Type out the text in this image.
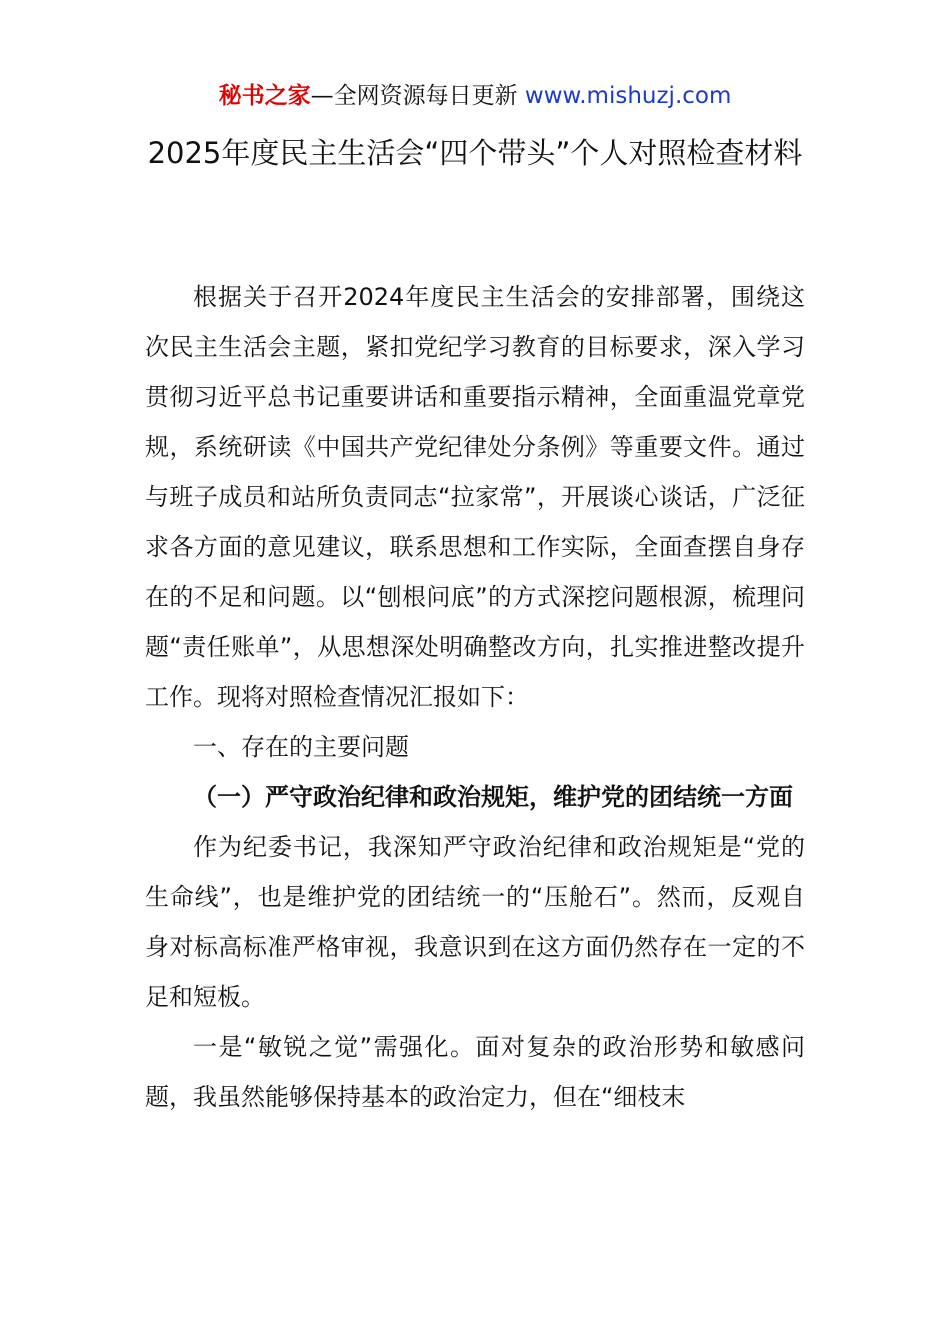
秘书之家—全网资源每日更新 www.mishuzj.com
2025年度民主生活会“四个带头”个人对照检查材料

根据关于召开2024年度民主生活会的安排部署，围绕这次民主生活会主题，紧扣党纪学习教育的目标要求，深入学习贯彻习近平总书记重要讲话和重要指示精神，全面重温党章党规，系统研读《中国共产党纪律处分条例》等重要文件。通过与班子成员和站所负责同志“拉家常”，开展谈心谈话，广泛征求各方面的意见建议，联系思想和工作实际，全面查摆自身存在的不足和问题。以“刨根问底”的方式深挖问题根源，梳理问题“责任账单”，从思想深处明确整改方向，扎实推进整改提升工作。现将对照检查情况汇报如下：

一、存在的主要问题

（一）严守政治纪律和政治规矩，维护党的团结统一方面

作为纪委书记，我深知严守政治纪律和政治规矩是“党的生命线”，也是维护党的团结统一的“压舱石”。然而，反观自身对标高标准严格审视，我意识到在这方面仍然存在一定的不足和短板。

一是“敏锐之觉”需强化。面对复杂的政治形势和敏感问题，我虽然能够保持基本的政治定力，但在“细枝末
